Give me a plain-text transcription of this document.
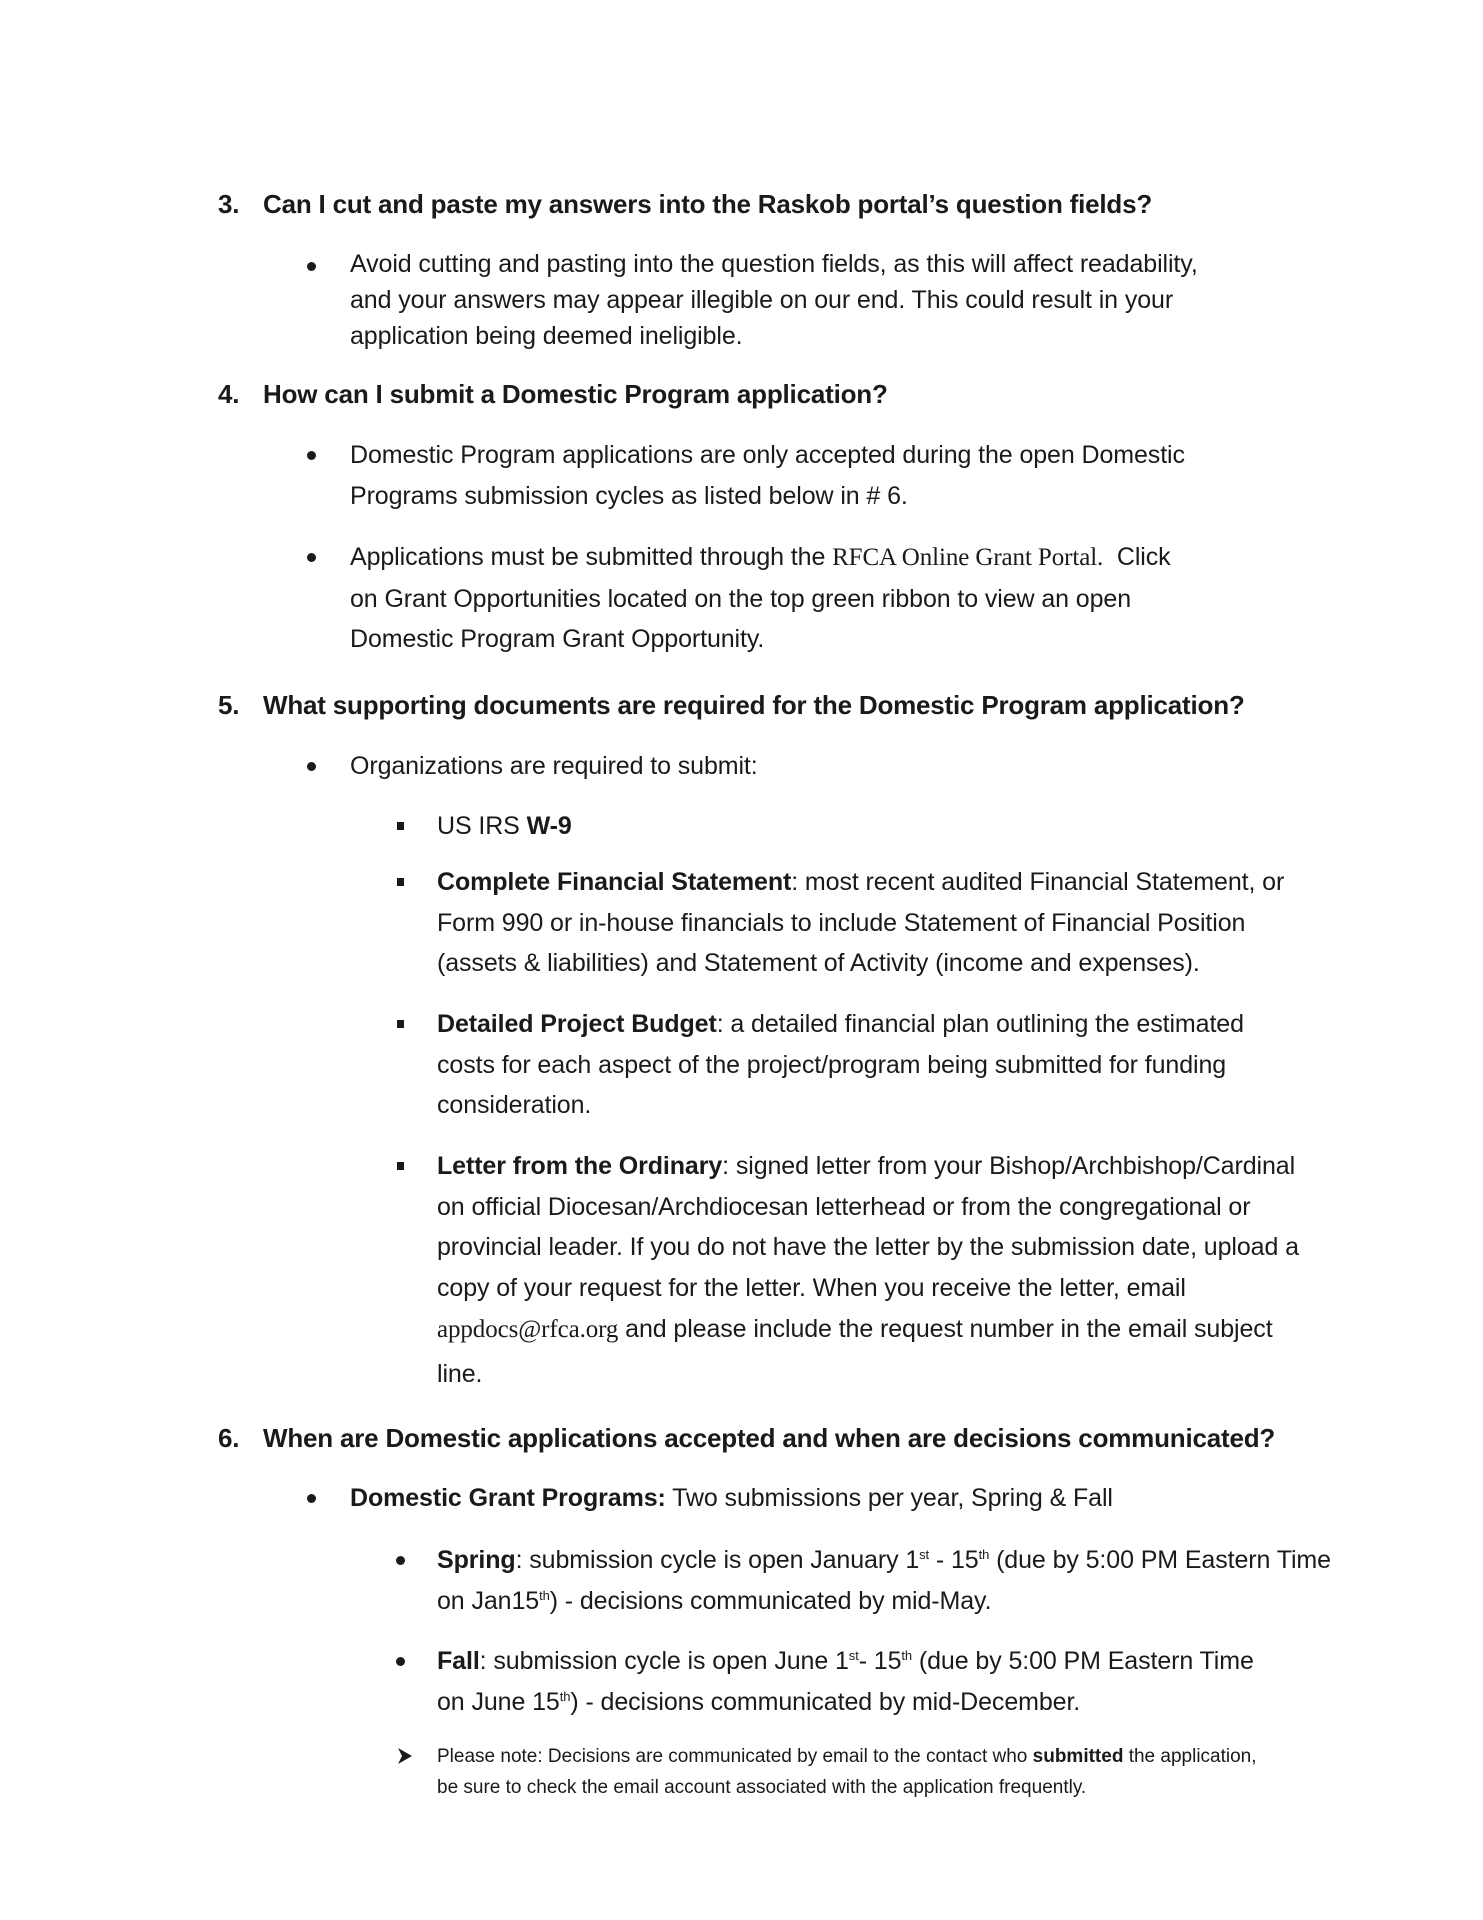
3. Can I cut and paste my answers into the Raskob portal’s question fields?
Avoid cutting and pasting into the question fields, as this will affect readability,
and your answers may appear illegible on our end. This could result in your
application being deemed ineligible.
4. How can I submit a Domestic Program application?
Domestic Program applications are only accepted during the open Domestic
Programs submission cycles as listed below in # 6.
Applications must be submitted through the RFCA Online Grant Portal.  Click
on Grant Opportunities located on the top green ribbon to view an open
Domestic Program Grant Opportunity.
5. What supporting documents are required for the Domestic Program application?
Organizations are required to submit:
US IRS W-9
Complete Financial Statement: most recent audited Financial Statement, or
Form 990 or in-house financials to include Statement of Financial Position
(assets & liabilities) and Statement of Activity (income and expenses).
Detailed Project Budget: a detailed financial plan outlining the estimated
costs for each aspect of the project/program being submitted for funding
consideration.
Letter from the Ordinary: signed letter from your Bishop/Archbishop/Cardinal
on official Diocesan/Archdiocesan letterhead or from the congregational or
provincial leader. If you do not have the letter by the submission date, upload a
copy of your request for the letter. When you receive the letter, email
appdocs@rfca.org and please include the request number in the email subject
line.
6. When are Domestic applications accepted and when are decisions communicated?
Domestic Grant Programs: Two submissions per year, Spring & Fall
Spring: submission cycle is open January 1st - 15th (due by 5:00 PM Eastern Time
on Jan15th) - decisions communicated by mid-May.
Fall: submission cycle is open June 1st- 15th (due by 5:00 PM Eastern Time
on June 15th) - decisions communicated by mid-December.
Please note: Decisions are communicated by email to the contact who submitted the application,
be sure to check the email account associated with the application frequently.
